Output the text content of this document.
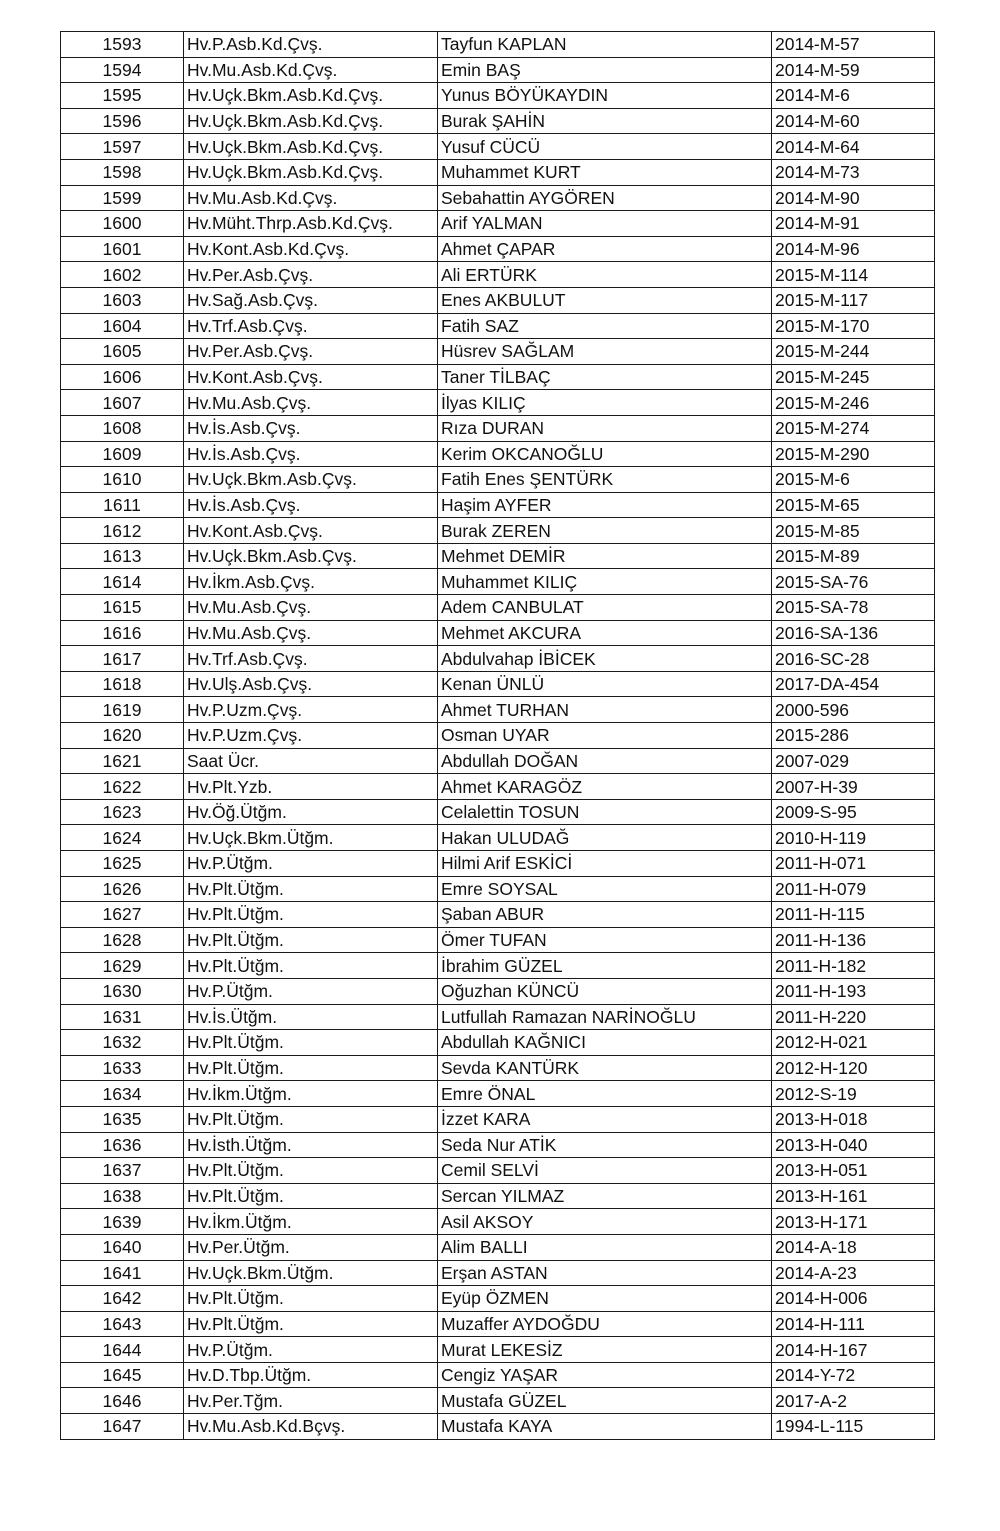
1593	Hv.P.Asb.Kd.Çvş.	Tayfun KAPLAN	2014-M-57
1594	Hv.Mu.Asb.Kd.Çvş.	Emin BAŞ	2014-M-59
1595	Hv.Uçk.Bkm.Asb.Kd.Çvş.	Yunus BÖYÜKAYDIN	2014-M-6
1596	Hv.Uçk.Bkm.Asb.Kd.Çvş.	Burak ŞAHİN	2014-M-60
1597	Hv.Uçk.Bkm.Asb.Kd.Çvş.	Yusuf CÜCÜ	2014-M-64
1598	Hv.Uçk.Bkm.Asb.Kd.Çvş.	Muhammet KURT	2014-M-73
1599	Hv.Mu.Asb.Kd.Çvş.	Sebahattin AYGÖREN	2014-M-90
1600	Hv.Müht.Thrp.Asb.Kd.Çvş.	Arif YALMAN	2014-M-91
1601	Hv.Kont.Asb.Kd.Çvş.	Ahmet ÇAPAR	2014-M-96
1602	Hv.Per.Asb.Çvş.	Ali ERTÜRK	2015-M-114
1603	Hv.Sağ.Asb.Çvş.	Enes AKBULUT	2015-M-117
1604	Hv.Trf.Asb.Çvş.	Fatih SAZ	2015-M-170
1605	Hv.Per.Asb.Çvş.	Hüsrev SAĞLAM	2015-M-244
1606	Hv.Kont.Asb.Çvş.	Taner TİLBAÇ	2015-M-245
1607	Hv.Mu.Asb.Çvş.	İlyas KILIÇ	2015-M-246
1608	Hv.İs.Asb.Çvş.	Rıza DURAN	2015-M-274
1609	Hv.İs.Asb.Çvş.	Kerim OKCANOĞLU	2015-M-290
1610	Hv.Uçk.Bkm.Asb.Çvş.	Fatih Enes ŞENTÜRK	2015-M-6
1611	Hv.İs.Asb.Çvş.	Haşim AYFER	2015-M-65
1612	Hv.Kont.Asb.Çvş.	Burak ZEREN	2015-M-85
1613	Hv.Uçk.Bkm.Asb.Çvş.	Mehmet DEMİR	2015-M-89
1614	Hv.İkm.Asb.Çvş.	Muhammet KILIÇ	2015-SA-76
1615	Hv.Mu.Asb.Çvş.	Adem CANBULAT	2015-SA-78
1616	Hv.Mu.Asb.Çvş.	Mehmet AKCURA	2016-SA-136
1617	Hv.Trf.Asb.Çvş.	Abdulvahap İBİCEK	2016-SC-28
1618	Hv.Ulş.Asb.Çvş.	Kenan ÜNLÜ	2017-DA-454
1619	Hv.P.Uzm.Çvş.	Ahmet TURHAN	2000-596
1620	Hv.P.Uzm.Çvş.	Osman UYAR	2015-286
1621	Saat Ücr.	Abdullah DOĞAN	2007-029
1622	Hv.Plt.Yzb.	Ahmet KARAGÖZ	2007-H-39
1623	Hv.Öğ.Ütğm.	Celalettin TOSUN	2009-S-95
1624	Hv.Uçk.Bkm.Ütğm.	Hakan ULUDAĞ	2010-H-119
1625	Hv.P.Ütğm.	Hilmi Arif ESKİCİ	2011-H-071
1626	Hv.Plt.Ütğm.	Emre SOYSAL	2011-H-079
1627	Hv.Plt.Ütğm.	Şaban ABUR	2011-H-115
1628	Hv.Plt.Ütğm.	Ömer TUFAN	2011-H-136
1629	Hv.Plt.Ütğm.	İbrahim GÜZEL	2011-H-182
1630	Hv.P.Ütğm.	Oğuzhan KÜNCÜ	2011-H-193
1631	Hv.İs.Ütğm.	Lutfullah Ramazan NARİNOĞLU	2011-H-220
1632	Hv.Plt.Ütğm.	Abdullah KAĞNICI	2012-H-021
1633	Hv.Plt.Ütğm.	Sevda KANTÜRK	2012-H-120
1634	Hv.İkm.Ütğm.	Emre ÖNAL	2012-S-19
1635	Hv.Plt.Ütğm.	İzzet KARA	2013-H-018
1636	Hv.İsth.Ütğm.	Seda Nur ATİK	2013-H-040
1637	Hv.Plt.Ütğm.	Cemil SELVİ	2013-H-051
1638	Hv.Plt.Ütğm.	Sercan YILMAZ	2013-H-161
1639	Hv.İkm.Ütğm.	Asil AKSOY	2013-H-171
1640	Hv.Per.Ütğm.	Alim BALLI	2014-A-18
1641	Hv.Uçk.Bkm.Ütğm.	Erşan ASTAN	2014-A-23
1642	Hv.Plt.Ütğm.	Eyüp ÖZMEN	2014-H-006
1643	Hv.Plt.Ütğm.	Muzaffer AYDOĞDU	2014-H-111
1644	Hv.P.Ütğm.	Murat LEKESİZ	2014-H-167
1645	Hv.D.Tbp.Ütğm.	Cengiz YAŞAR	2014-Y-72
1646	Hv.Per.Tğm.	Mustafa GÜZEL	2017-A-2
1647	Hv.Mu.Asb.Kd.Bçvş.	Mustafa KAYA	1994-L-115
